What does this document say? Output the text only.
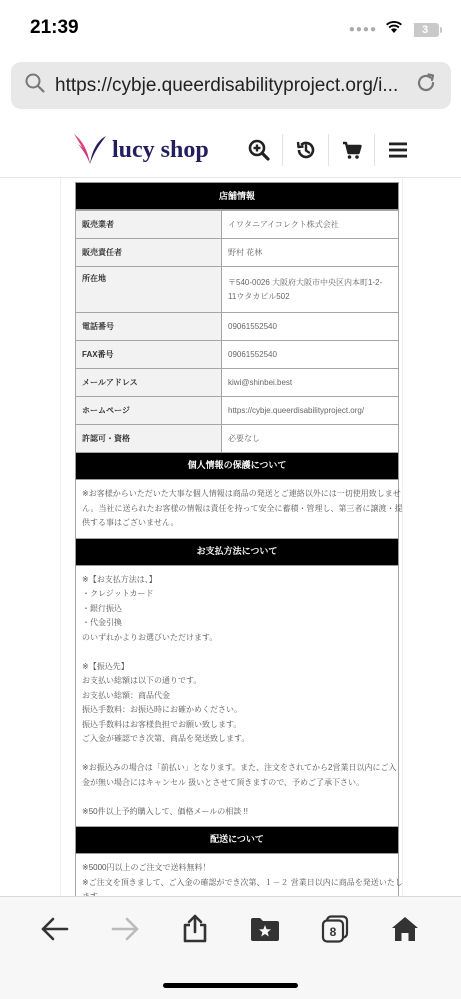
21:39	●●●●	3
https://cybje.queerdisabilityproject.org/i...
lucy shop
店舗情報
販売業者	イワタニアイコレクト株式会社
販売責任者	野村 花林
所在地	〒540-0026 大阪府大阪市中央区内本町1-2-
11ウタカビル502
電話番号	09061552540
FAX番号	09061552540
メールアドレス	kiwi@shinbei.best
ホームページ	https://cybje.queerdisabilityproject.org/
許認可・資格	必要なし
個人情報の保護について

※お客様からいただいた大事な個人情報は商品の発送とご連絡以外には一切使用致しませ

ん。当社に送られたお客様の情報は責任を持って安全に蓄積・管理し、第三者に譲渡・提

供する事はございません。

お支払方法について

※【お支払方法は、】

・クレジットカード

・銀行振込

・代金引換

のいずれかよりお選びいただけます。

※【振込先】

お支払い総額は以下の通りです。

お支払い総額：商品代金

振込手数料：お振込時にお確かめください。

振込手数料はお客様負担でお願い致します。

ご入金が確認でき次第、商品を発送致します。

※お振込みの場合は「前払い」となります。また、注文をされてから2営業日以内にご入

金が無い場合にはキャンセル 扱いとさせて頂きますので、予めご了承下さい。

※50件以上予約購入して、価格メールの相談 !!

配送について

※5000円以上のご注文で送料無料！

※ご注文を頂きまして、ご入金の確認ができ次第、１－２ 営業日以内に商品を発送いたし

8
